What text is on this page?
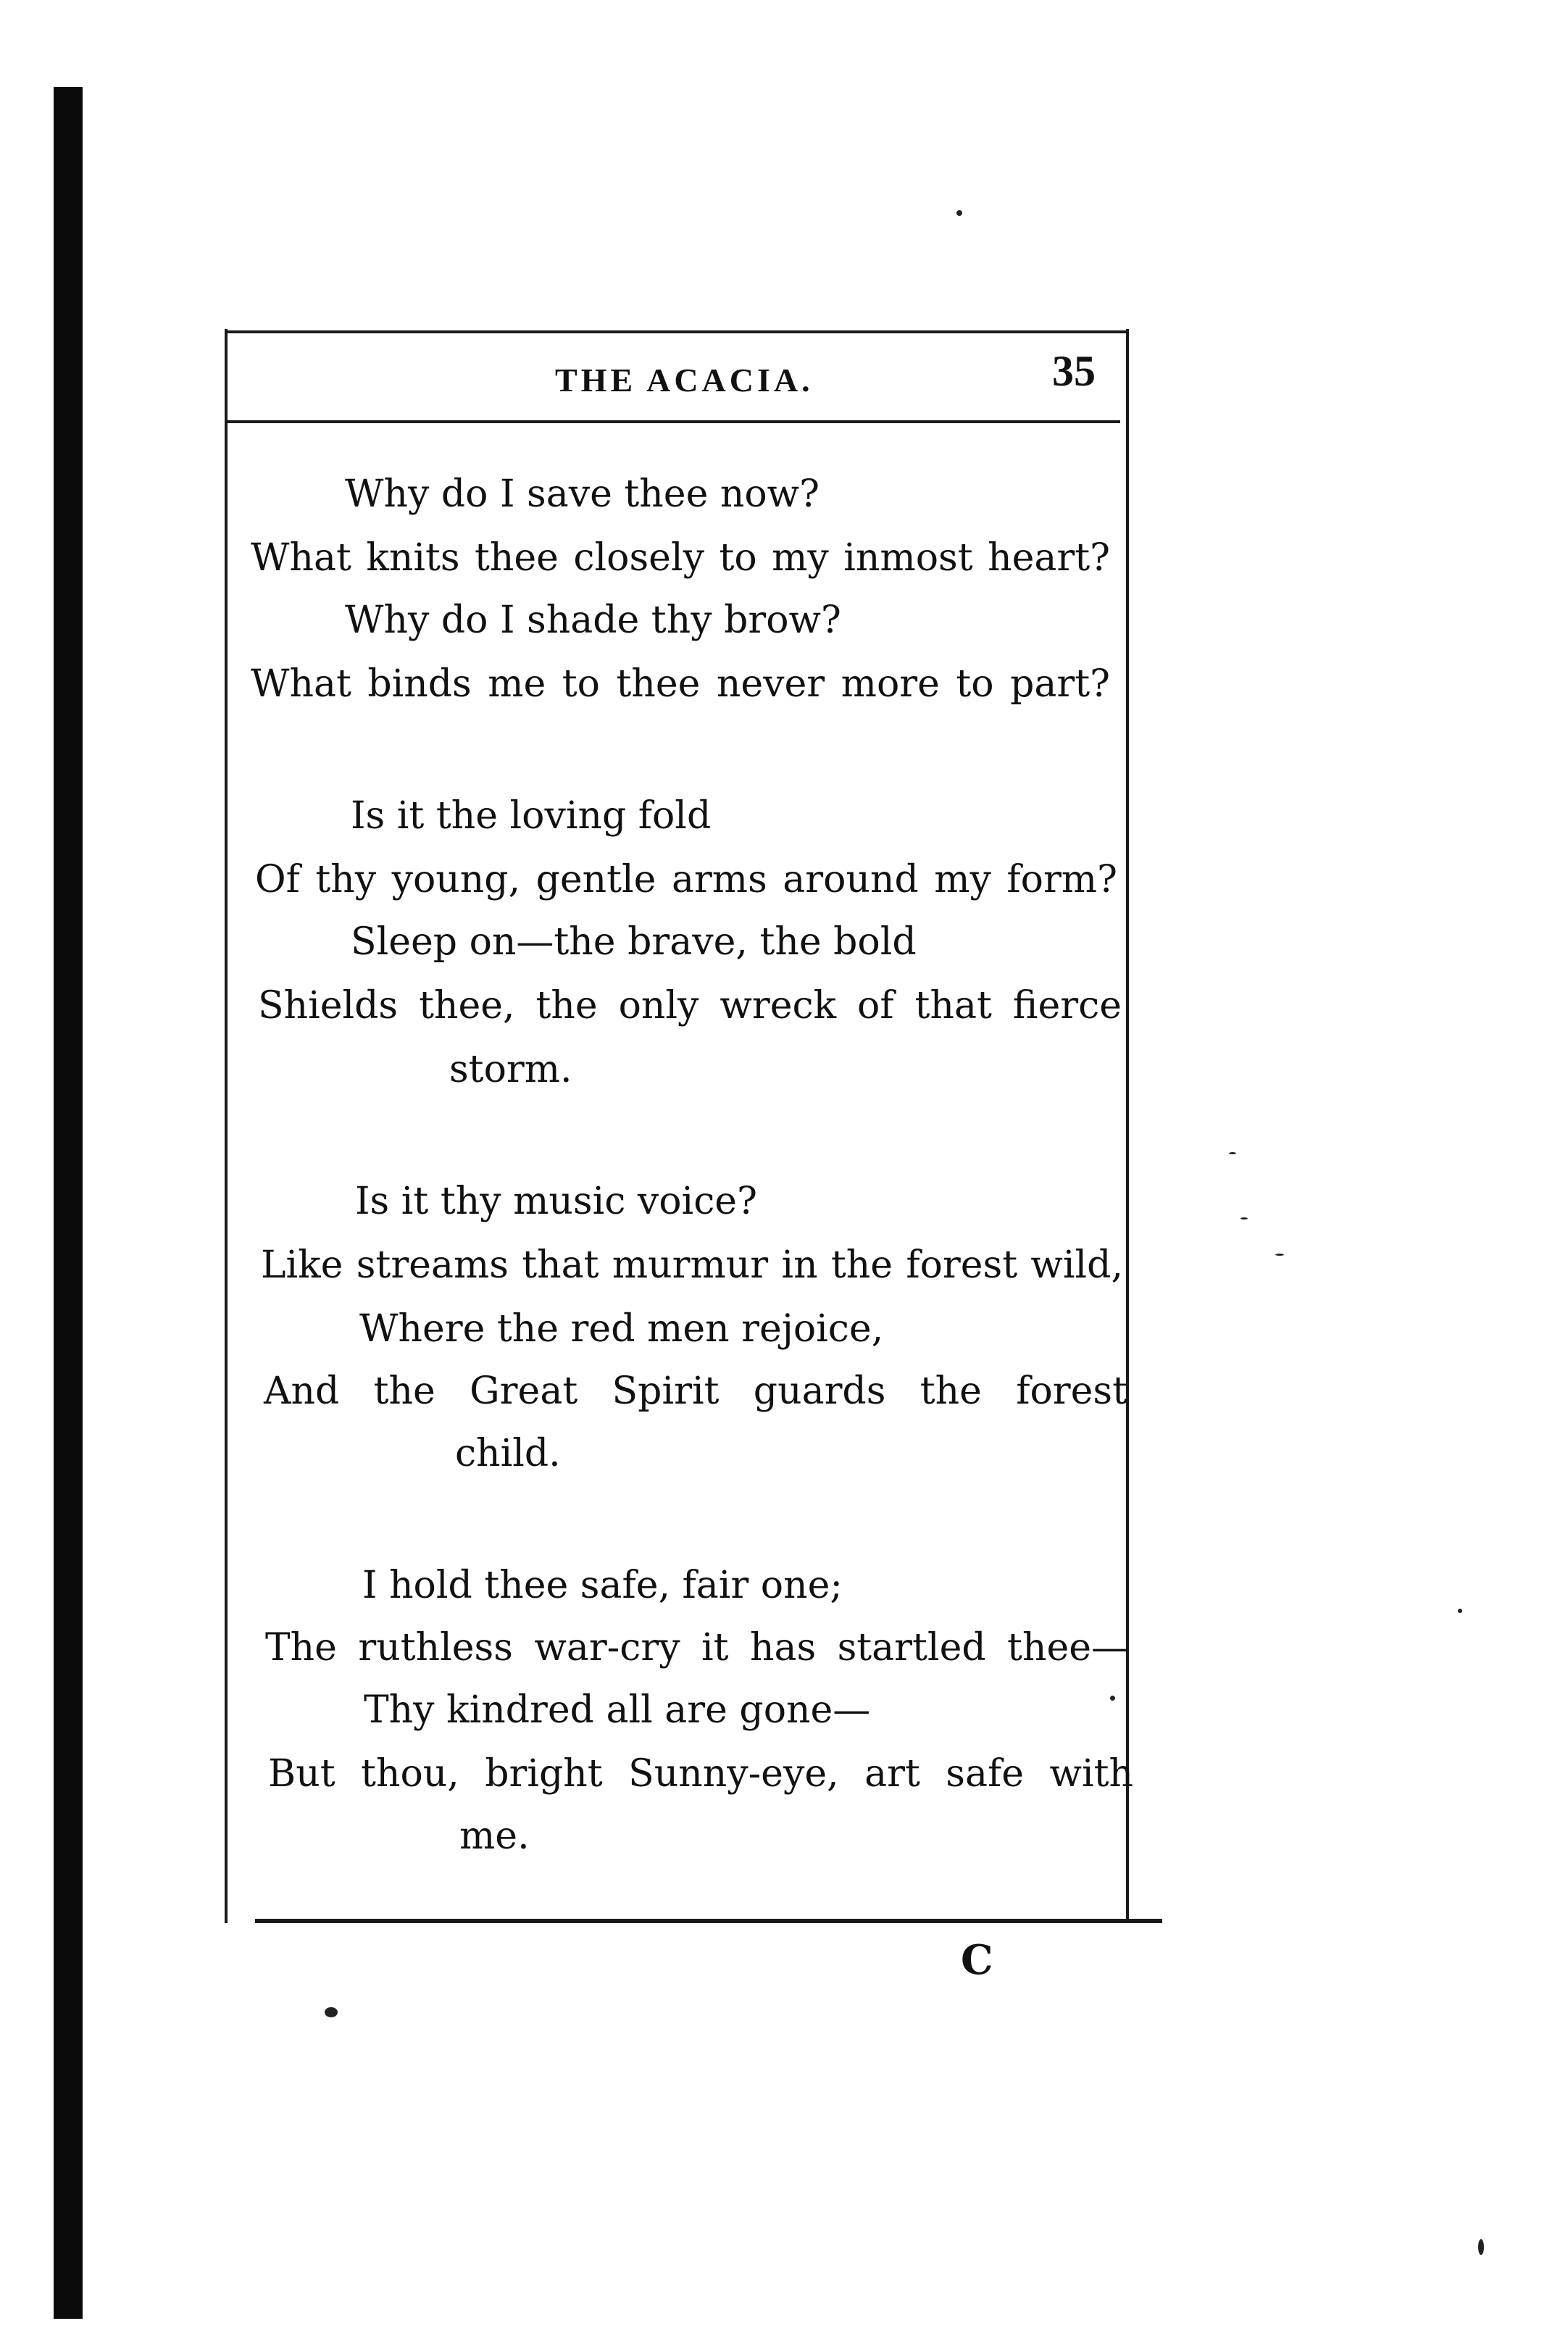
THE ACACIA.	35
Why do I save thee now?
What knits thee closely to my inmost heart?
Why do I shade thy brow?
What binds me to thee never more to part?
Is it the loving fold
Of thy young, gentle arms around my form?
Sleep on—the brave, the bold
Shields thee, the only wreck of that fierce
storm.
Is it thy music voice?
Like streams that murmur in the forest wild,
Where the red men rejoice,
And the Great Spirit guards the forest
child.
I hold thee safe, fair one;
The ruthless war-cry it has startled thee—
Thy kindred all are gone—
But thou, bright Sunny-eye, art safe with
me.
C
